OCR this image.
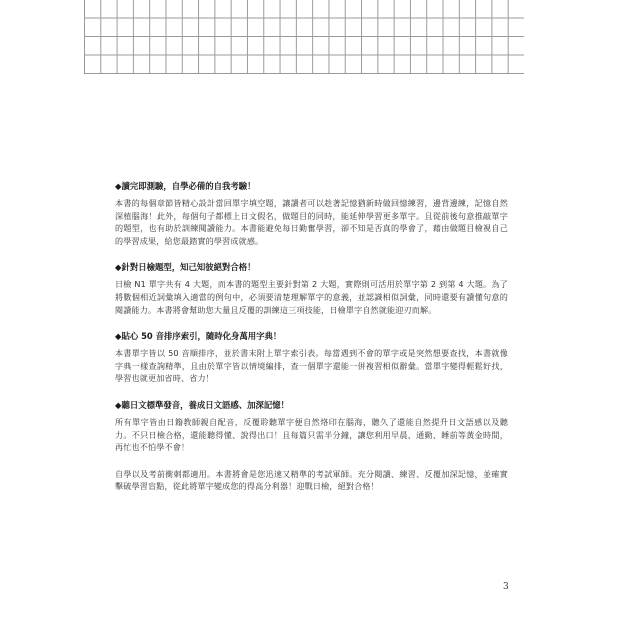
◆讀完即測驗，自學必備的自我考驗！

本書的每個章節皆精心設計當回單字填空題，讓讀者可以趁著記憶猶新時做回憶練習，邊背邊練，記憶自然深植腦海！此外，每個句子都標上日文假名，做題目的同時，能延伸學習更多單字。且從前後句意推敲單字的題型，也有助於訓練閱讀能力。本書能避免每日勤奮學習，卻不知是否真的學會了，藉由做題目檢視自己的學習成果，給您最踏實的學習成就感。

◆針對日檢題型，知己知彼絕對合格！

日檢 N1 單字共有 4 大題，而本書的題型主要針對第 2 大題，實際則可活用於單字第 2 到第 4 大題。為了將數個相近詞彙填入適當的例句中，必須要清楚理解單字的意義，並認識相似詞彙，同時還要有讀懂句意的閱讀能力。本書將會幫助您大量且反覆的訓練這三項技能，日檢單字自然就能迎刃而解。

◆貼心 50 音排序索引，隨時化身萬用字典！

本書單字皆以 50 音順排序，並於書末附上單字索引表。每當遇到不會的單字或是突然想要查找，本書就像字典一樣查詢精準，且由於單字皆以情境編排，查一個單字還能一併複習相似辭彙。當單字變得輕鬆好找，學習也就更加省時、省力！

◆聽日文標準發音，養成日文語感、加深記憶！

所有單字皆由日籍教師親自配音，反覆聆聽單字便自然烙印在腦海，聽久了還能自然提升日文語感以及聽力。不只日檢合格，還能聽得懂、說得出口！且每篇只需半分鐘，讓您利用早晨、通勤、睡前等黃金時間，再忙也不怕學不會！

自學以及考前衝刺都適用。本書將會是您迅速又精準的考試軍師。充分閱讀、練習、反覆加深記憶，並確實擊破學習盲點，從此將單字變成您的得高分利器！迎戰日檢，絕對合格！

3
